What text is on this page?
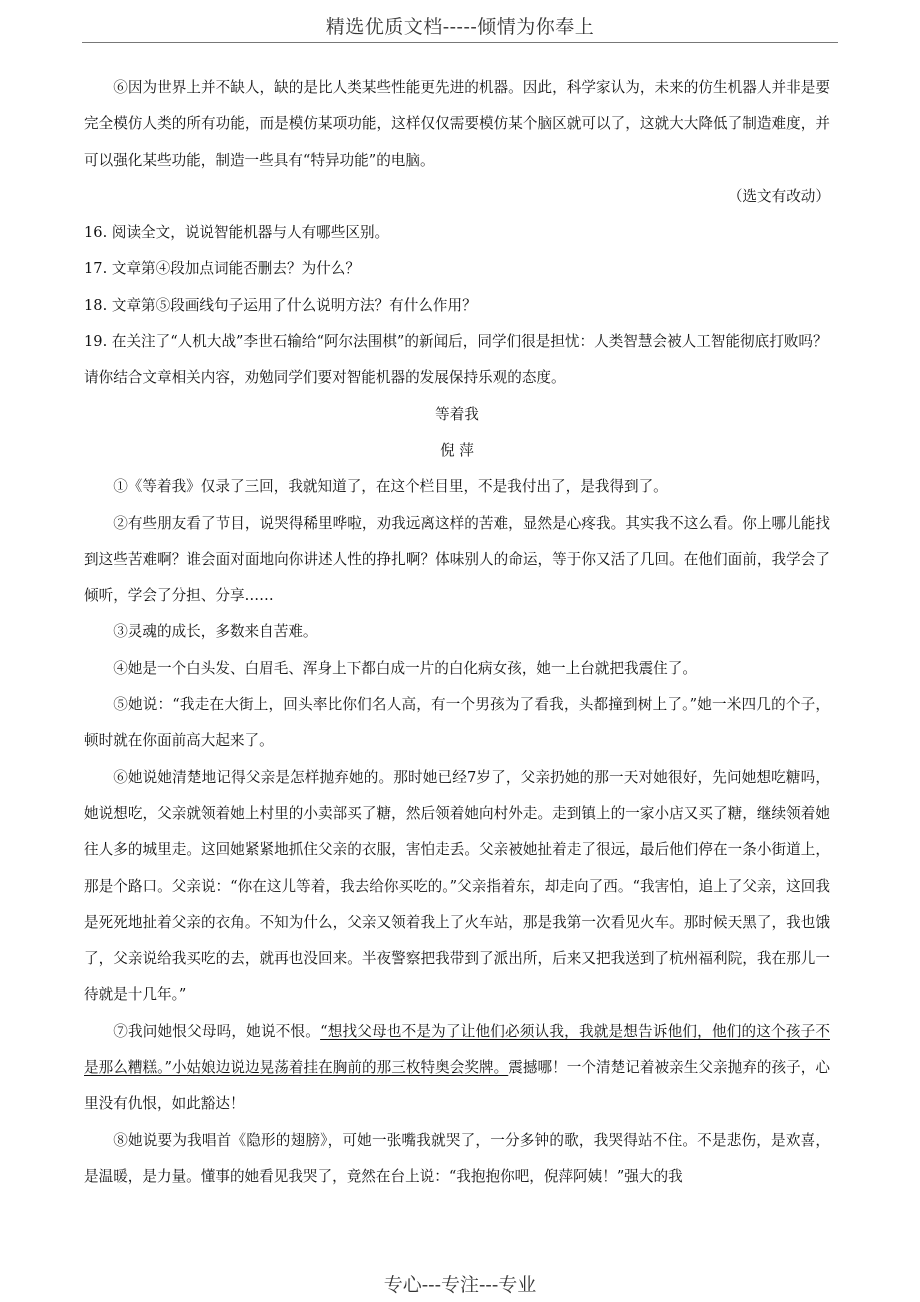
精选优质文档-----倾情为你奉上

⑥因为世界上并不缺人，缺的是比人类某些性能更先进的机器。因此，科学家认为，未来的仿生机器人并非是要完全模仿人类的所有功能，而是模仿某项功能，这样仅仅需要模仿某个脑区就可以了，这就大大降低了制造难度，并可以强化某些功能，制造一些具有“特异功能”的电脑。

（选文有改动）

16. 阅读全文，说说智能机器与人有哪些区别。

17. 文章第④段加点词能否删去？为什么？

18. 文章第⑤段画线句子运用了什么说明方法？有什么作用？

19. 在关注了“人机大战”李世石输给“阿尔法围棋”的新闻后，同学们很是担忧：人类智慧会被人工智能彻底打败吗？请你结合文章相关内容，劝勉同学们要对智能机器的发展保持乐观的态度。

等着我

倪 萍

①《等着我》仅录了三回，我就知道了，在这个栏目里，不是我付出了，是我得到了。

②有些朋友看了节目，说哭得稀里哗啦，劝我远离这样的苦难，显然是心疼我。其实我不这么看。你上哪儿能找到这些苦难啊？谁会面对面地向你讲述人性的挣扎啊？体味别人的命运，等于你又活了几回。在他们面前，我学会了倾听，学会了分担、分享……

③灵魂的成长，多数来自苦难。

④她是一个白头发、白眉毛、浑身上下都白成一片的白化病女孩，她一上台就把我震住了。

⑤她说：“我走在大街上，回头率比你们名人高，有一个男孩为了看我，头都撞到树上了。”她一米四几的个子，顿时就在你面前高大起来了。

⑥她说她清楚地记得父亲是怎样抛弃她的。那时她已经7岁了，父亲扔她的那一天对她很好，先问她想吃糖吗，她说想吃，父亲就领着她上村里的小卖部买了糖，然后领着她向村外走。走到镇上的一家小店又买了糖，继续领着她往人多的城里走。这回她紧紧地抓住父亲的衣服，害怕走丢。父亲被她扯着走了很远，最后他们停在一条小街道上，那是个路口。父亲说：“你在这儿等着，我去给你买吃的。”父亲指着东，却走向了西。“我害怕，追上了父亲，这回我是死死地扯着父亲的衣角。不知为什么，父亲又领着我上了火车站，那是我第一次看见火车。那时候天黑了，我也饿了，父亲说给我买吃的去，就再也没回来。半夜警察把我带到了派出所，后来又把我送到了杭州福利院，我在那儿一待就是十几年。”

⑦我问她恨父母吗，她说不恨。“想找父母也不是为了让他们必须认我，我就是想告诉他们，他们的这个孩子不是那么糟糕。”小姑娘边说边晃荡着挂在胸前的那三枚特奥会奖牌。震撼哪！一个清楚记着被亲生父亲抛弃的孩子，心里没有仇恨，如此豁达！

⑧她说要为我唱首《隐形的翅膀》，可她一张嘴我就哭了，一分多钟的歌，我哭得站不住。不是悲伤，是欢喜，是温暖，是力量。懂事的她看见我哭了，竟然在台上说：“我抱抱你吧，倪萍阿姨！”强大的我

专心---专注---专业
